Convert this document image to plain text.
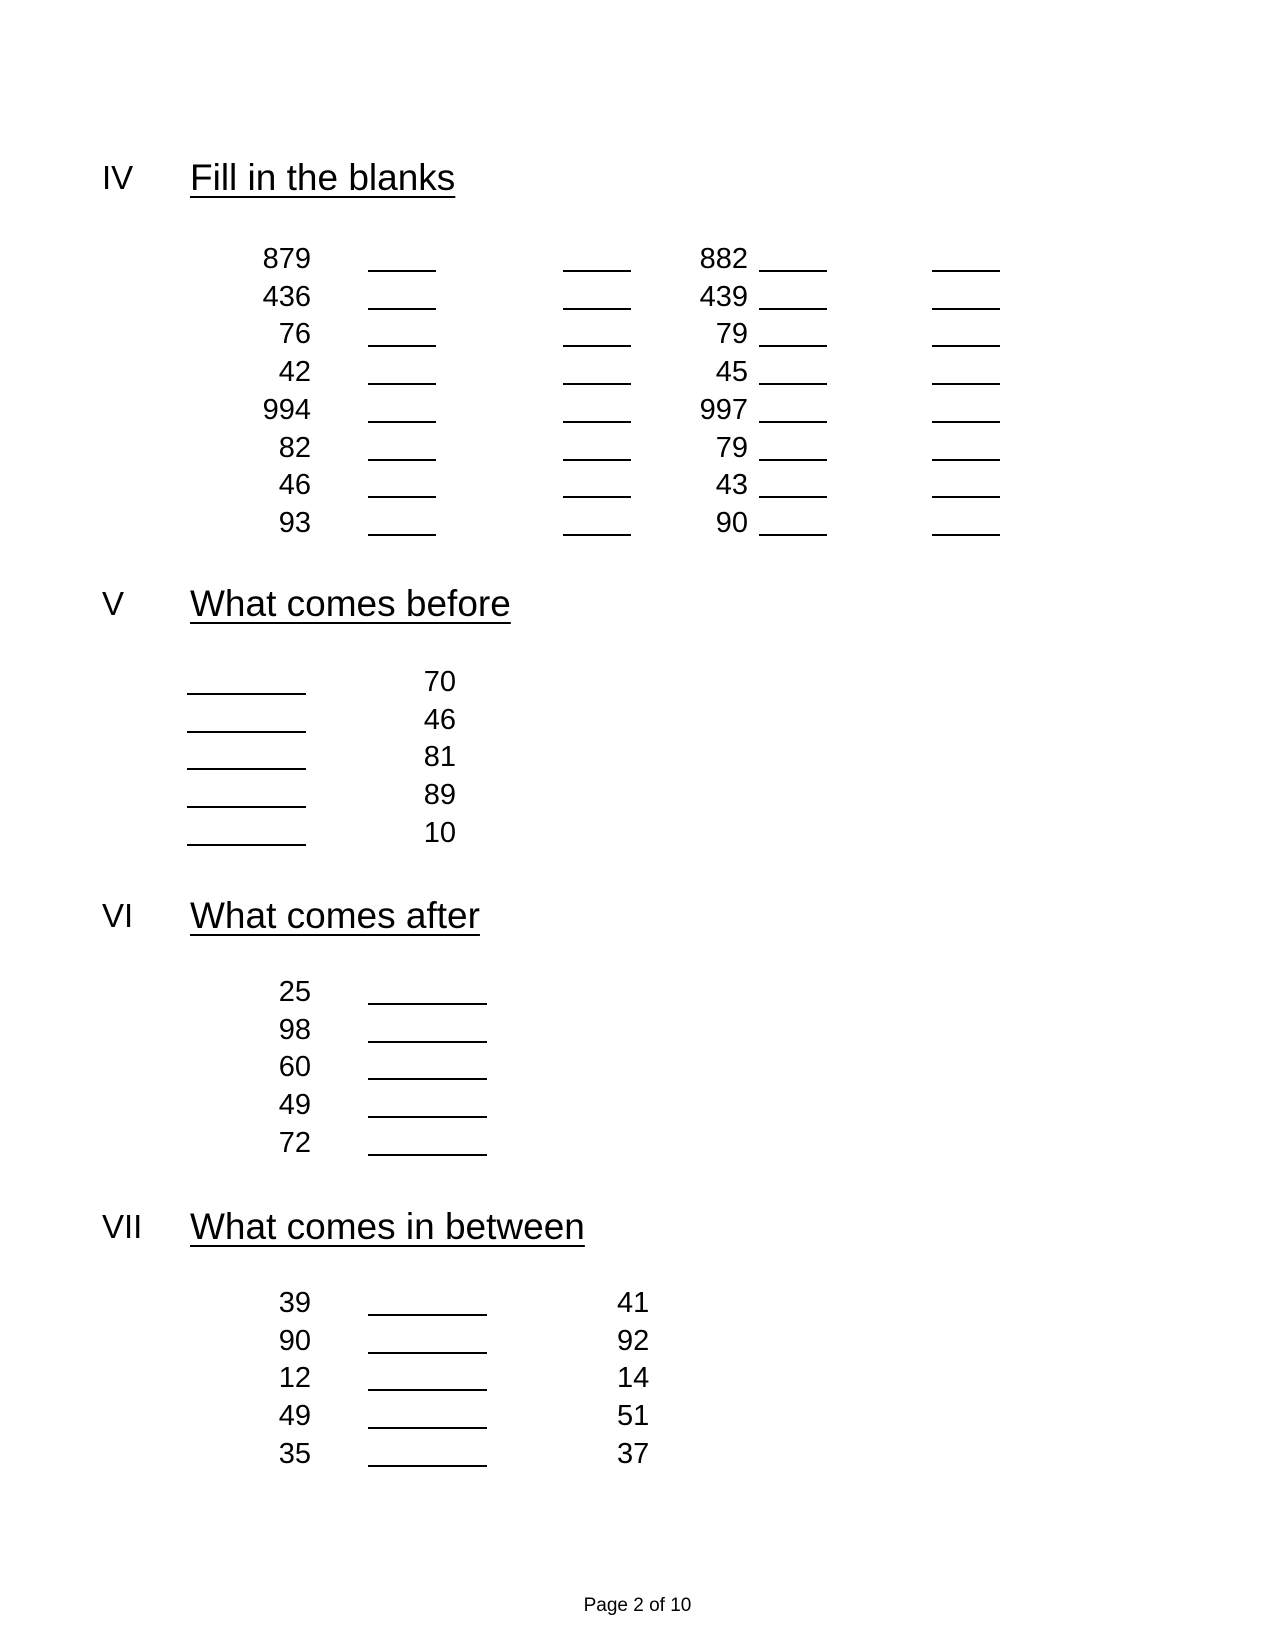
IV	Fill in the blanks
879	882
436	439
76	79
42	45
994	997
82	79
46	43
93	90
V	What comes before
70
46
81
89
10
VI	What comes after
25
98
60
49
72
VII	What comes in between
39	41
90	92
12	14
49	51
35	37
Page 2 of 10
